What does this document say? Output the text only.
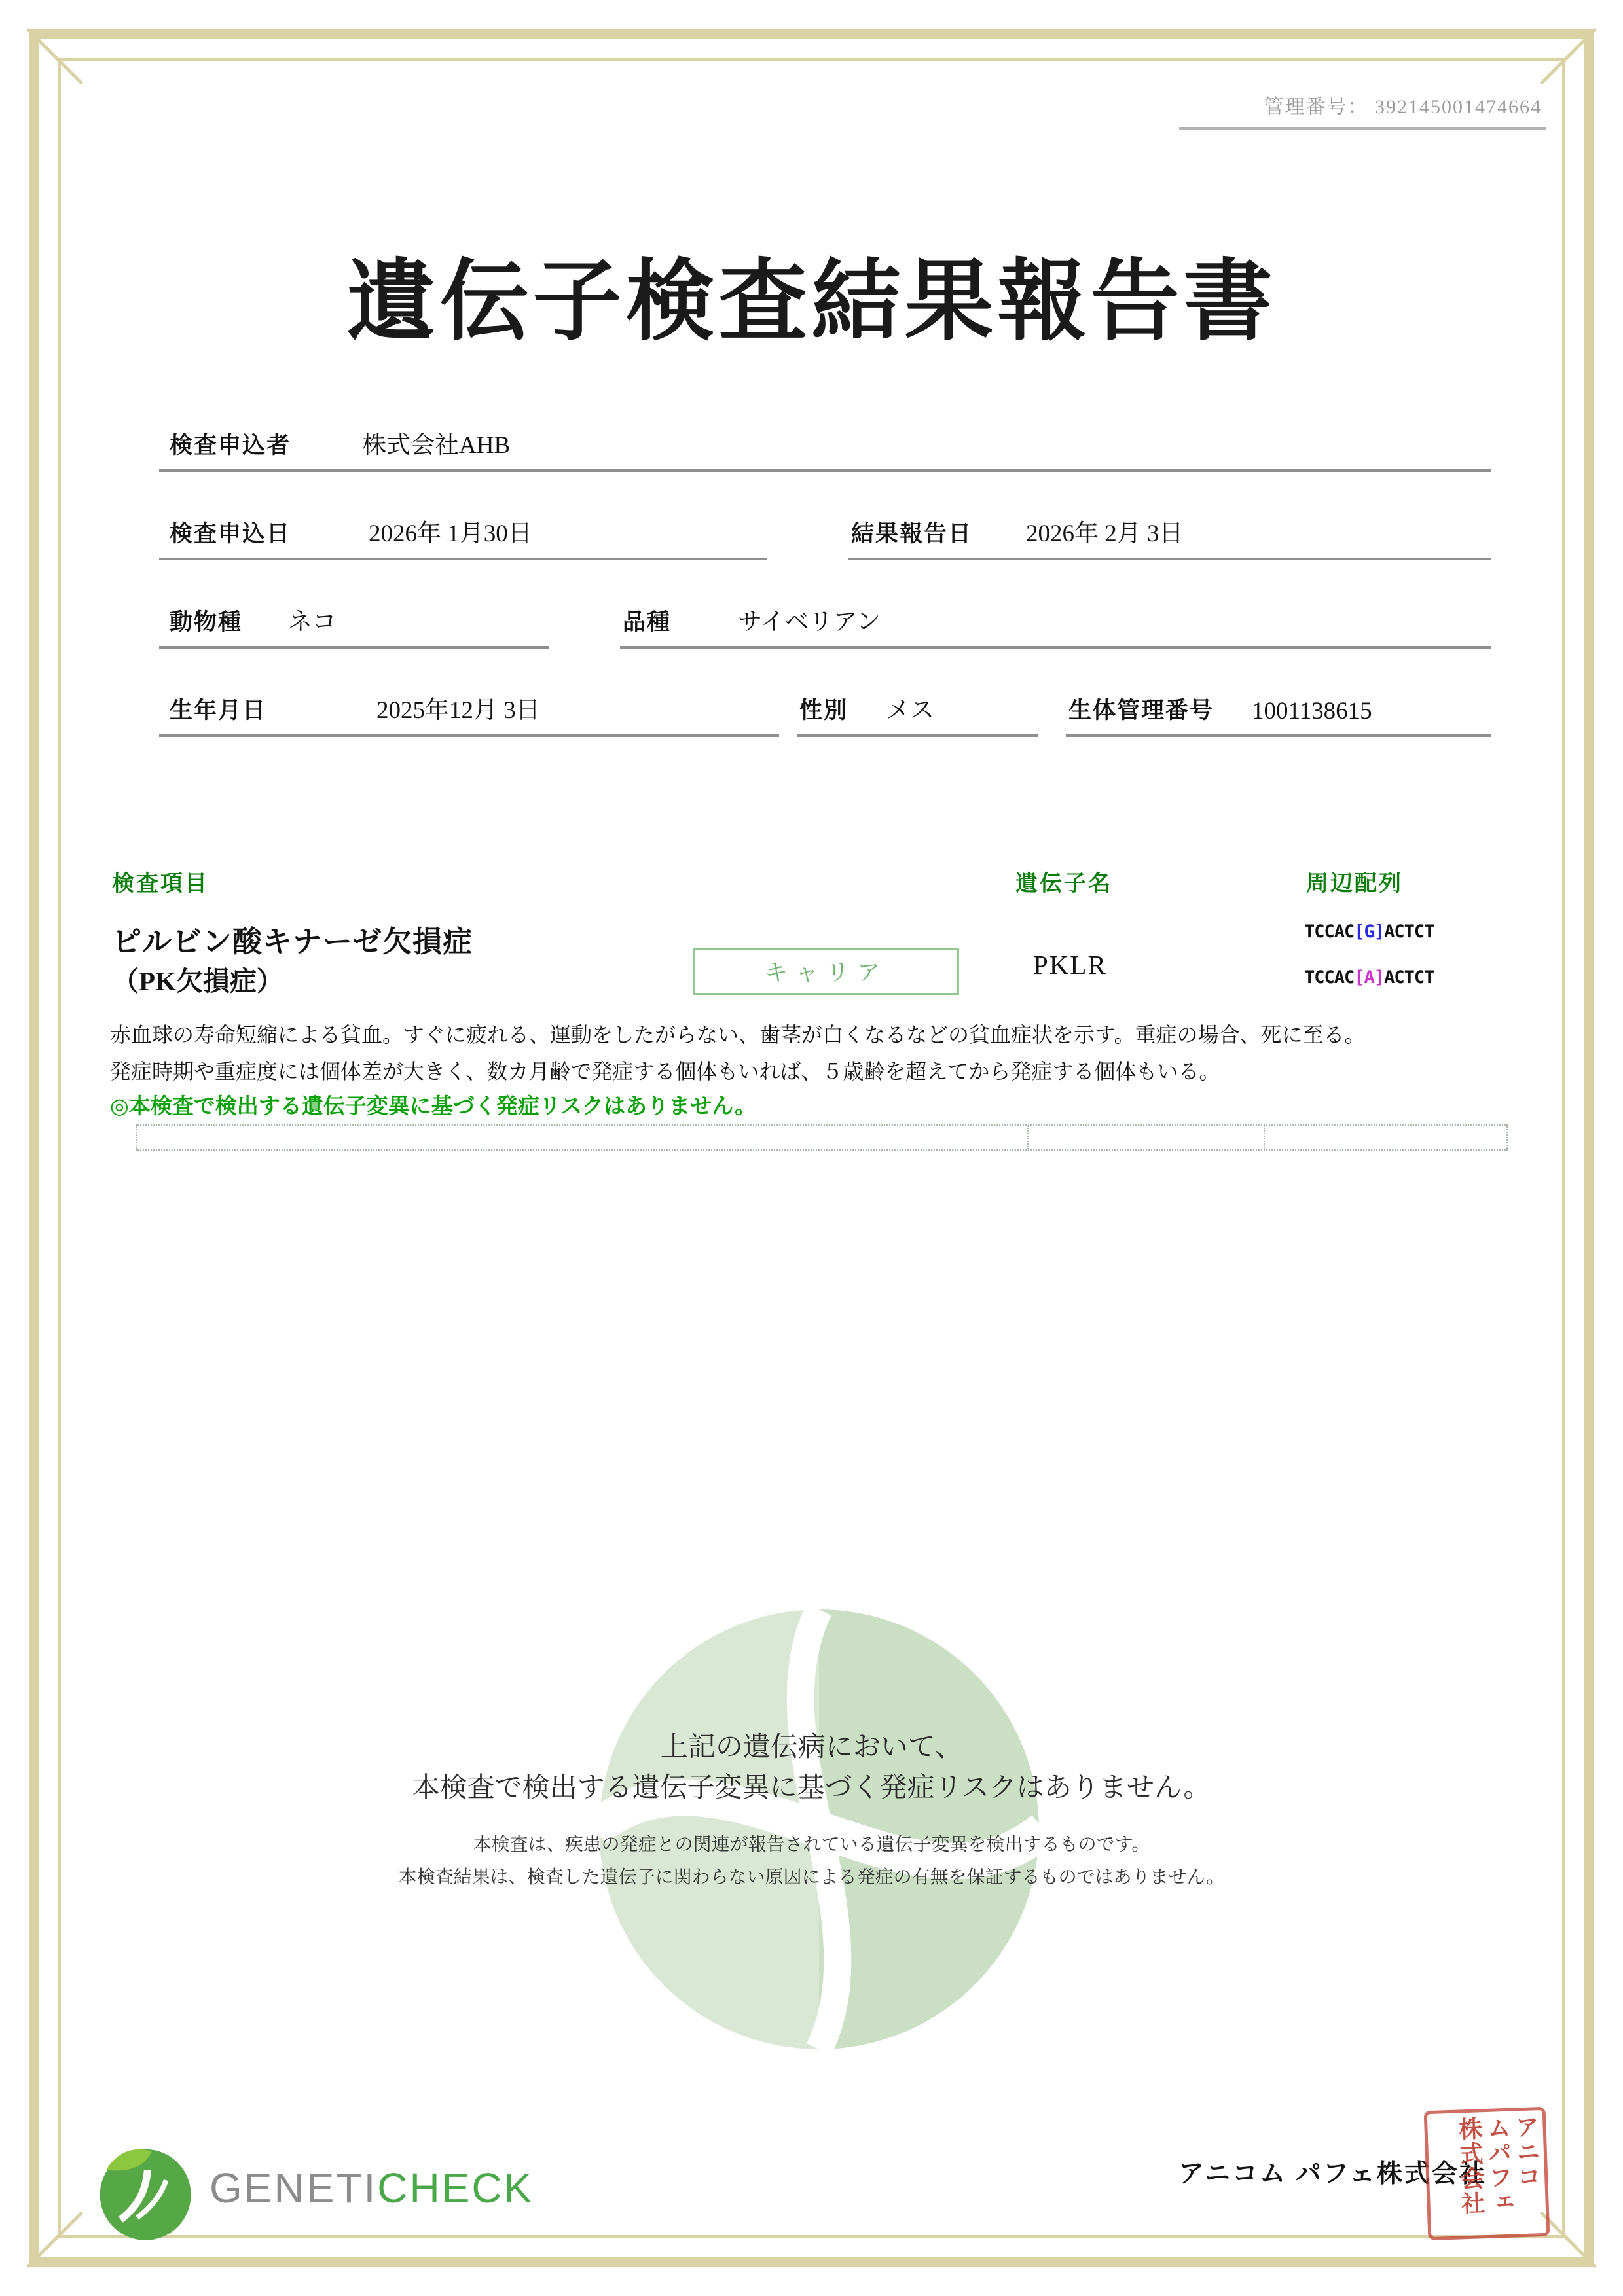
管理番号： 392145001474664
遺伝子検査結果報告書
検査申込者	株式会社AHB
検査申込日	2026年 1月30日	結果報告日 2026年 2月 3日
動物種 ネコ	品種	サイベリアン
生年月日	2025年12月 3日	性別 メス	生体管理番号 1001138615
検査項目	遺伝子名	周辺配列
ピルビン酸キナーゼ欠損症
（PK欠損症）	キャリア	PKLR
TCCAC[G]ACTCT
TCCAC[A]ACTCT
赤血球の寿命短縮による貧血。すぐに疲れる、運動をしたがらない、歯茎が白くなるなどの貧血症状を示す。重症の場合、死に至る。
発症時期や重症度には個体差が大きく、数カ月齢で発症する個体もいれば、５歳齢を超えてから発症する個体もいる。
◎本検査で検出する遺伝子変異に基づく発症リスクはありません。
上記の遺伝病において、
本検査で検出する遺伝子変異に基づく発症リスクはありません。
本検査は、疾患の発症との関連が報告されている遺伝子変異を検出するものです。
本検査結果は、検査した遺伝子に関わらない原因による発症の有無を保証するものではありません。
GENETICHECK	アニコム パフェ株式会社 アニコ
ムパフェ
株式会社
